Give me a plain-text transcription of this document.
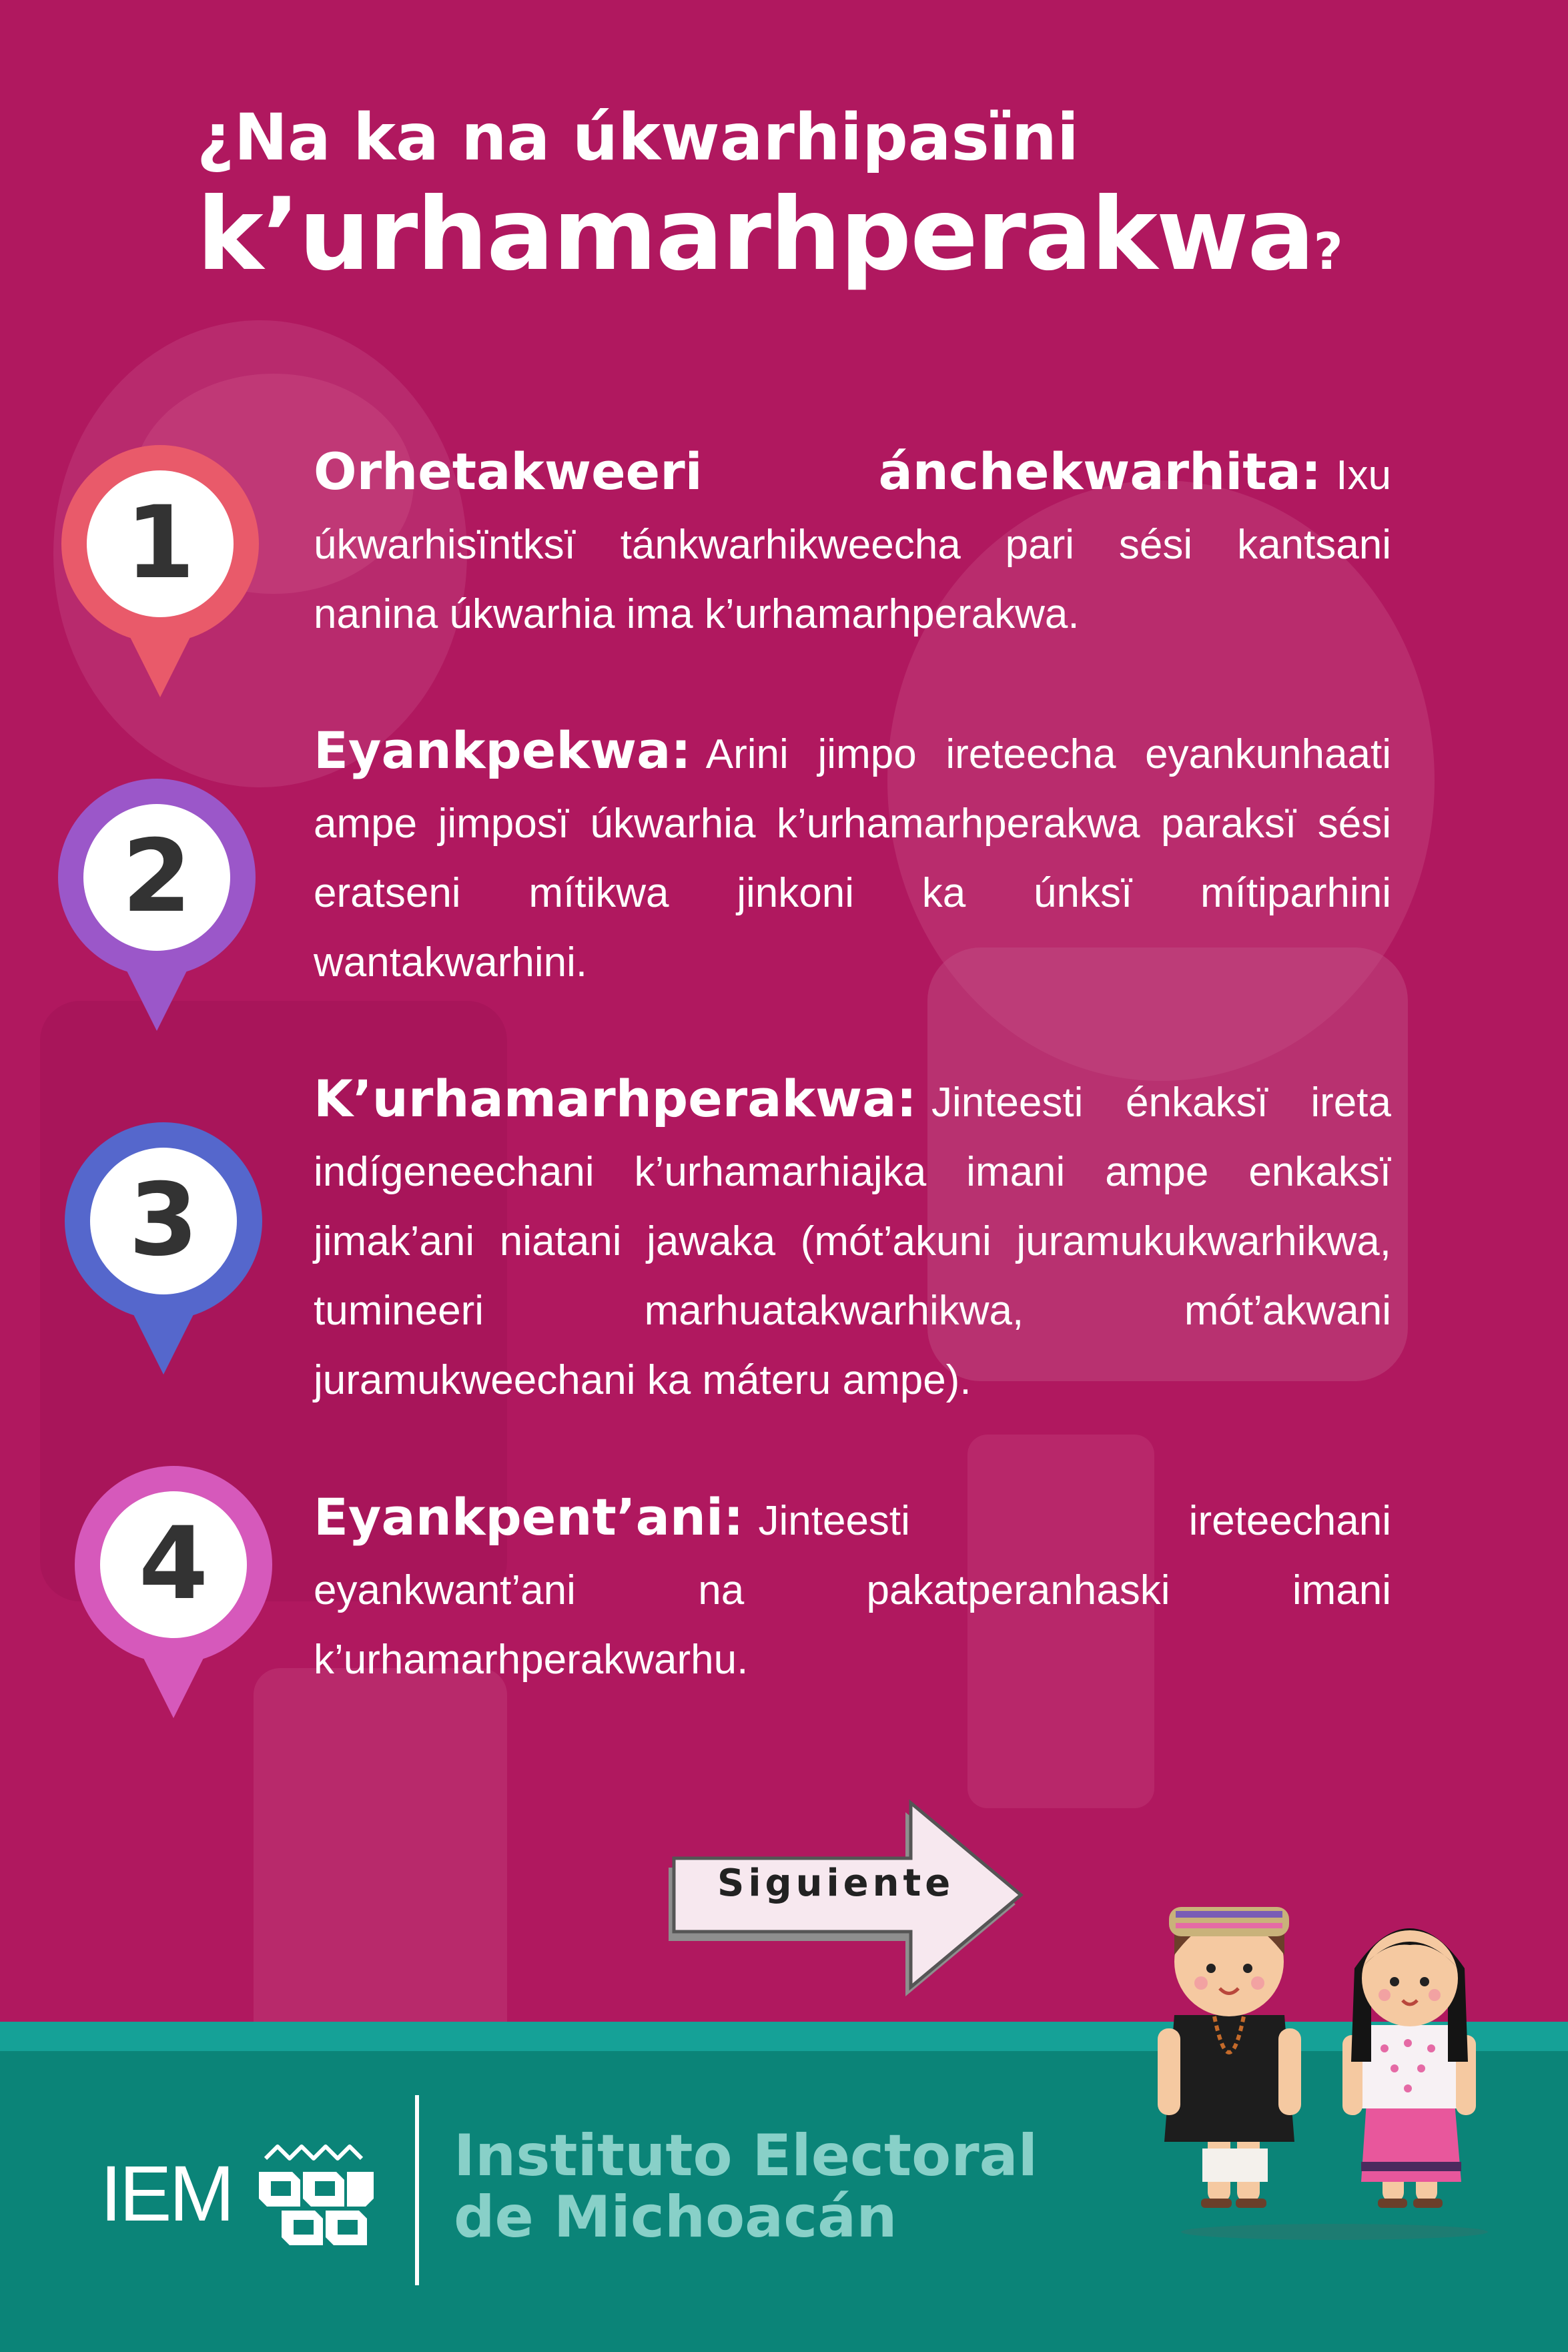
¿Na ka na úkwarhipasïni
k’urhamarhperakwa?
1

Orhetakweeri ánchekwarhita: Ixu úkwarhisïntksï tánkwarhikweecha pari sési kantsani nanina úkwarhia ima k’urhamarhperakwa.

2

Eyankpekwa: Arini jimpo ireteecha eyankunhaati ampe jimposï úkwarhia k’urhamarhperakwa paraksï sési eratseni mítikwa jinkoni ka únksï mítiparhini wantakwarhini.

3

K’urhamarhperakwa: Jinteesti énkaksï ireta indígeneechani k’urhamarhiajka imani ampe enkaksï jimak’ani niatani jawaka (mót’akuni juramukukwarhikwa, tumineeri marhuatakwarhikwa, mót’akwani juramukweechani ka máteru ampe).

4 Eyankpent’ani: Jinteesti ireteechani eyankwant’ani na pakatperanhaski imani k’urhamarhperakwarhu.

Siguiente
IEM	Instituto Electoral
de Michoacán
